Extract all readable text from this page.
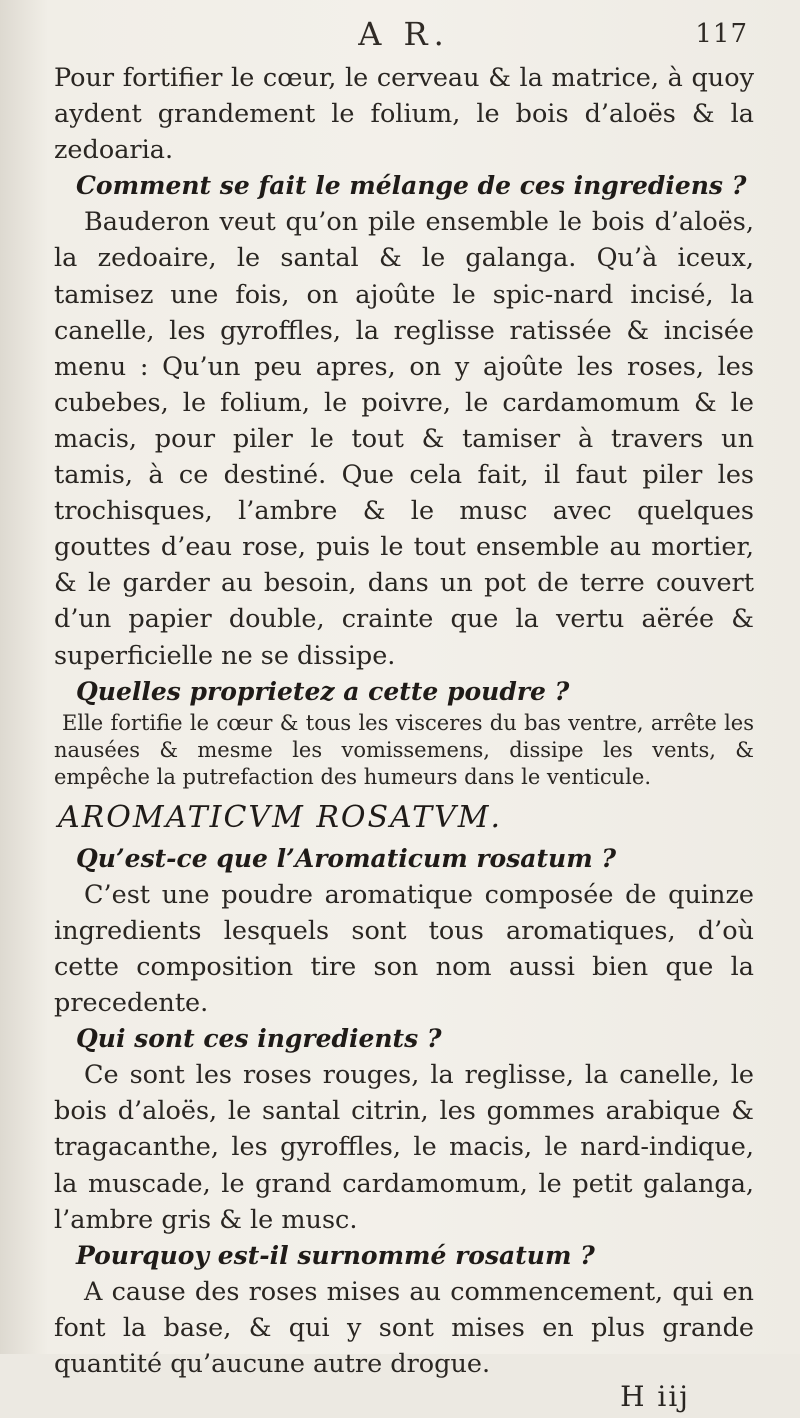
A R.	117

Pour fortifier le cœur, le cerveau & la matrice, à quoy aydent grandement le folium, le bois d’aloës & la zedoaria.

Comment se fait le mélange de ces ingrediens ?

Bauderon veut qu’on pile ensemble le bois d’aloës, la zedoaire, le santal & le galanga. Qu’à iceux, tamisez une fois, on ajoûte le spic-nard incisé, la canelle, les gyroffles, la reglisse ratissée & incisée menu : Qu’un peu apres, on y ajoûte les roses, les cubebes, le folium, le poivre, le cardamomum & le macis, pour piler le tout & tamiser à travers un tamis, à ce destiné. Que cela fait, il faut piler les trochisques, l’ambre & le musc avec quelques gouttes d’eau rose, puis le tout ensemble au mortier, & le garder au besoin, dans un pot de terre couvert d’un papier double, crainte que la vertu aërée & superficielle ne se dissipe.

Quelles proprietez a cette poudre ?

Elle fortifie le cœur & tous les visceres du bas ventre, arrête les nausées & mesme les vomissemens, dissipe les vents, & empêche la putrefaction des humeurs dans le venticule.

AROMATICVM ROSATVM.

Qu’est-ce que l’Aromaticum rosatum ?

C’est une poudre aromatique composée de quinze ingredients lesquels sont tous aromatiques, d’où cette composition tire son nom aussi bien que la precedente.

Qui sont ces ingredients ?

Ce sont les roses rouges, la reglisse, la canelle, le bois d’aloës, le santal citrin, les gommes arabique & tragacanthe, les gyroffles, le macis, le nard-indique, la muscade, le grand cardamomum, le petit galanga, l’ambre gris & le musc.

Pourquoy est-il surnommé rosatum ?

A cause des roses mises au commencement, qui en font la base, & qui y sont mises en plus grande quantité qu’aucune autre drogue.

H iij
